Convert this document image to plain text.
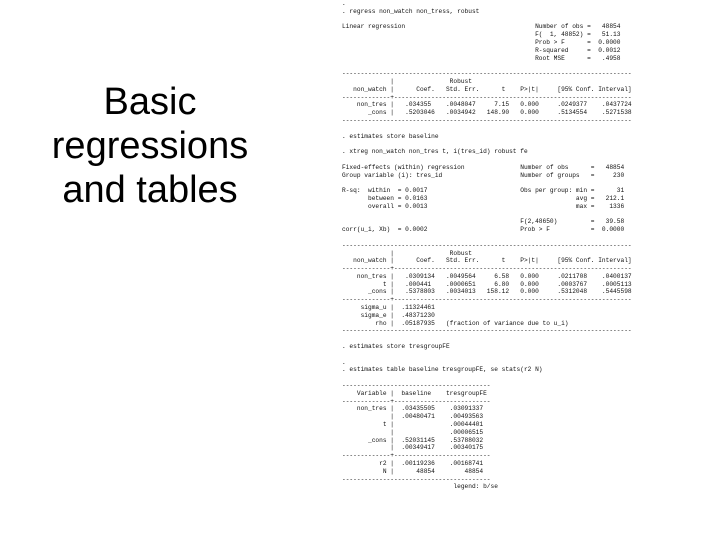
Basic
regressions
and tables
.
. regress non_watch non_tress, robust
Linear regression                                   Number of obs =   48854
F(  1, 48852) =   51.13
Prob > F      =  0.0000
R-squared     =  0.0012
Root MSE      =   .4958
------------------------------------------------------------------------------
|               Robust
non_watch |      Coef.   Std. Err.      t    P>|t|     [95% Conf. Interval]
-------------+----------------------------------------------------------------
non_tres |   .034355    .0048047     7.15   0.000     .0249377    .0437724
_cons |   .5203046   .0034942   148.90   0.000     .5134554    .5271538
------------------------------------------------------------------------------
. estimates store baseline
. xtreg non_watch non_tres t, i(tres_id) robust fe
Fixed-effects (within) regression               Number of obs      =   48854
Group variable (i): tres_id                     Number of groups   =     230
R-sq:  within  = 0.0017                         Obs per group: min =      31
between = 0.0163                                        avg =   212.1
overall = 0.0013                                        max =    1336
F(2,48650)         =   39.58
corr(u_i, Xb)  = 0.0002                         Prob > F           =  0.0000
------------------------------------------------------------------------------
|               Robust
non_watch |      Coef.   Std. Err.      t    P>|t|     [95% Conf. Interval]
-------------+----------------------------------------------------------------
non_tres |   .0309134   .0049564     6.58   0.000     .0211708    .0400137
t |   .000441    .0000651     6.80   0.000     .0003767    .0005113
_cons |   .5378803   .0034013   158.12   0.000     .5312048    .5445598
-------------+----------------------------------------------------------------
sigma_u |  .11324461
sigma_e |  .48371230
rho |  .05187935   (fraction of variance due to u_i)
------------------------------------------------------------------------------
. estimates store tresgroupFE
.
. estimates table baseline tresgroupFE, se stats(r2 N)
----------------------------------------
Variable |  baseline    tresgroupFE
-------------+--------------------------
non_tres |  .03435505    .03091337
|  .00480471    .00493563
t |               .00044401
|               .00006515
_cons |  .52031145    .53788032
|  .00349417    .00340175
-------------+--------------------------
r2 |  .00119236    .00168741
N |      48854        48854
----------------------------------------
legend: b/se
